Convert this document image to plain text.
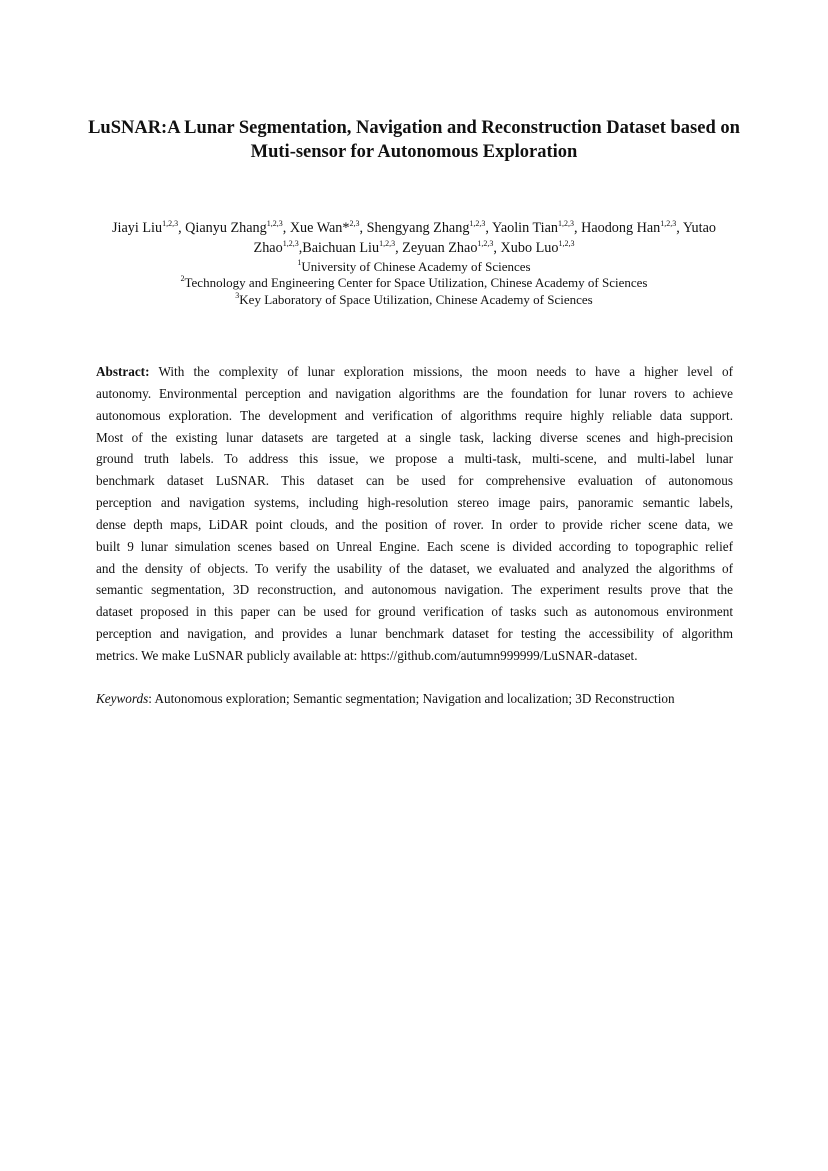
LuSNAR:A Lunar Segmentation, Navigation and Reconstruction Dataset based on
Muti-sensor for Autonomous Exploration
Jiayi Liu$^{1,2,3}$, Qianyu Zhang$^{1,2,3}$, Xue Wan*$^{2,3}$, Shengyang Zhang$^{1,2,3}$, Yaolin Tian$^{1,2,3}$, Haodong Han$^{1,2,3}$, Yutao
Zhao$^{1,2,3}$,Baichuan Liu$^{1,2,3}$, Zeyuan Zhao$^{1,2,3}$, Xubo Luo$^{1,2,3}$
$^1$University of Chinese Academy of Sciences
$^2$Technology and Engineering Center for Space Utilization, Chinese Academy of Sciences
$^3$Key Laboratory of Space Utilization, Chinese Academy of Sciences
Abstract: With the complexity of lunar exploration missions, the moon needs to have a higher level of
autonomy. Environmental perception and navigation algorithms are the foundation for lunar rovers to achieve
autonomous exploration. The development and verification of algorithms require highly reliable data support.
Most of the existing lunar datasets are targeted at a single task, lacking diverse scenes and high-precision
ground truth labels. To address this issue, we propose a multi-task, multi-scene, and multi-label lunar
benchmark dataset LuSNAR. This dataset can be used for comprehensive evaluation of autonomous
perception and navigation systems, including high-resolution stereo image pairs, panoramic semantic labels,
dense depth maps, LiDAR point clouds, and the position of rover. In order to provide richer scene data, we
built 9 lunar simulation scenes based on Unreal Engine. Each scene is divided according to topographic relief
and the density of objects. To verify the usability of the dataset, we evaluated and analyzed the algorithms of
semantic segmentation, 3D reconstruction, and autonomous navigation. The experiment results prove that the
dataset proposed in this paper can be used for ground verification of tasks such as autonomous environment
perception and navigation, and provides a lunar benchmark dataset for testing the accessibility of algorithm
metrics. We make LuSNAR publicly available at: https://github.com/autumn999999/LuSNAR-dataset.
Keywords: Autonomous exploration; Semantic segmentation; Navigation and localization; 3D Reconstruction
